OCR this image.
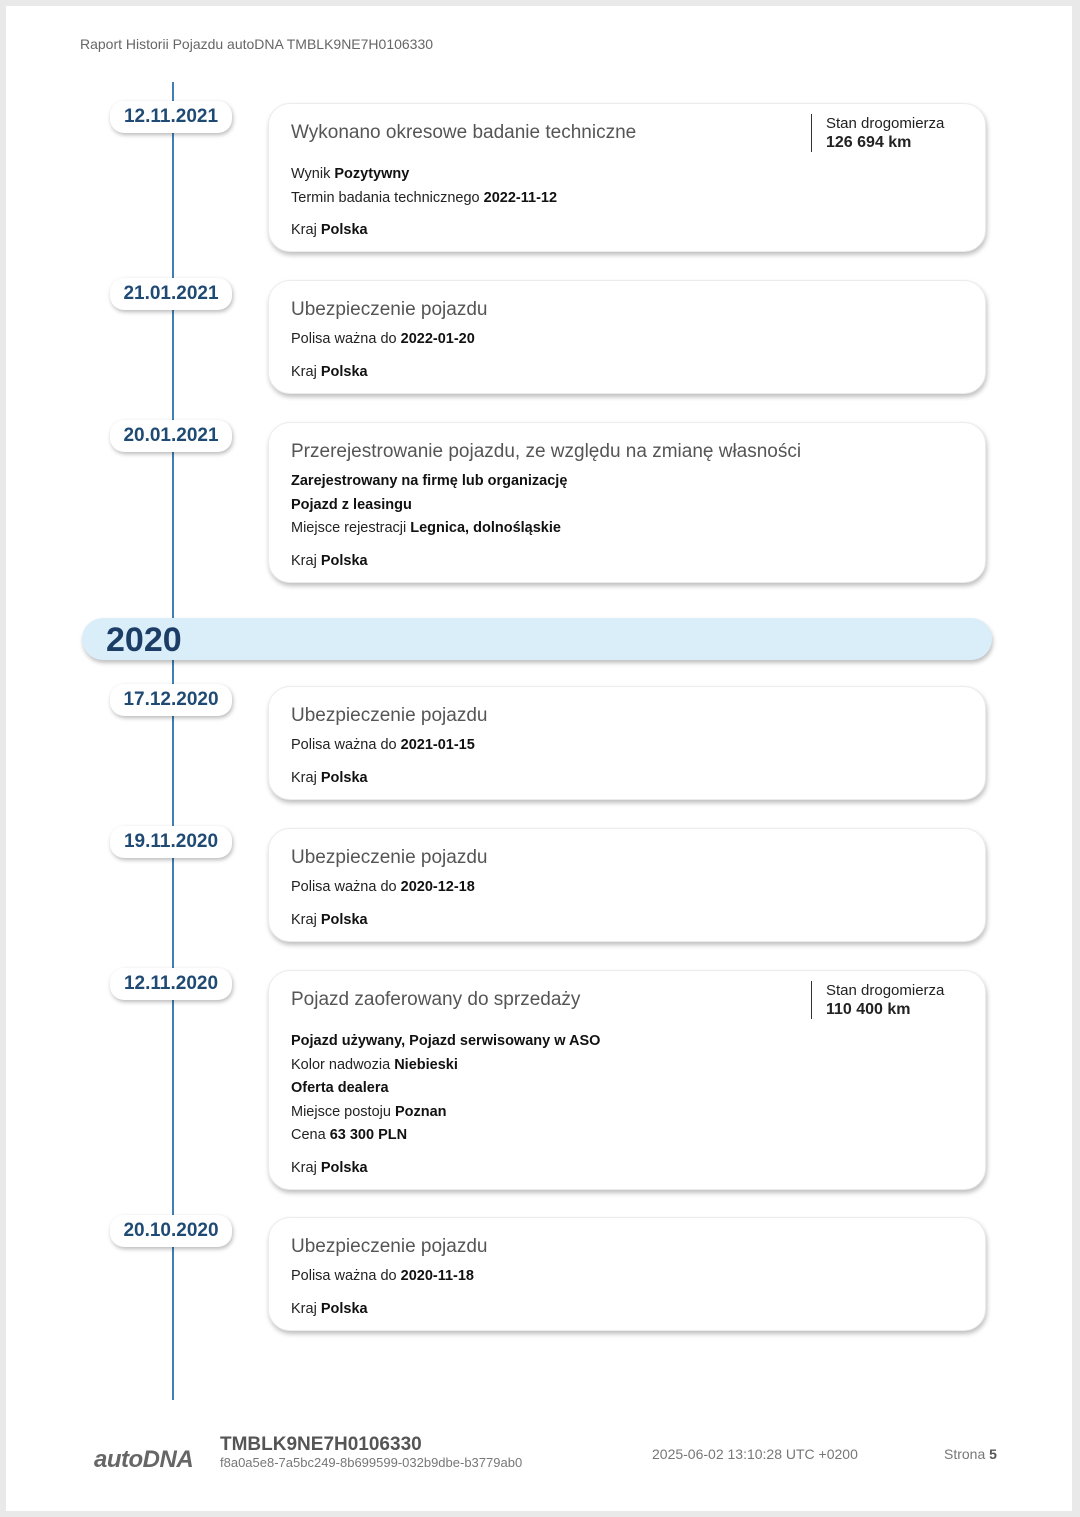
Raport Historii Pojazdu autoDNA TMBLK9NE7H0106330
12.11.2021
Wykonano okresowe badanie techniczne	Stan drogomierza
126 694 km
Wynik Pozytywny
Termin badania technicznego 2022-11-12
Kraj Polska
21.01.2021
Ubezpieczenie pojazdu
Polisa ważna do 2022-01-20
Kraj Polska
20.01.2021
Przerejestrowanie pojazdu, ze względu na zmianę własności
Zarejestrowany na firmę lub organizację
Pojazd z leasingu
Miejsce rejestracji Legnica, dolnośląskie
Kraj Polska
2020
17.12.2020
Ubezpieczenie pojazdu
Polisa ważna do 2021-01-15
Kraj Polska
19.11.2020
Ubezpieczenie pojazdu
Polisa ważna do 2020-12-18
Kraj Polska
12.11.2020
Pojazd zaoferowany do sprzedaży	Stan drogomierza
110 400 km
Pojazd używany, Pojazd serwisowany w ASO
Kolor nadwozia Niebieski
Oferta dealera
Miejsce postoju Poznan
Cena 63 300 PLN
Kraj Polska
20.10.2020
Ubezpieczenie pojazdu
Polisa ważna do 2020-11-18
Kraj Polska
autoDNA
TMBLK9NE7H0106330
f8a0a5e8-7a5bc249-8b699599-032b9dbe-b3779ab0
2025-06-02 13:10:28 UTC +0200	Strona 5
